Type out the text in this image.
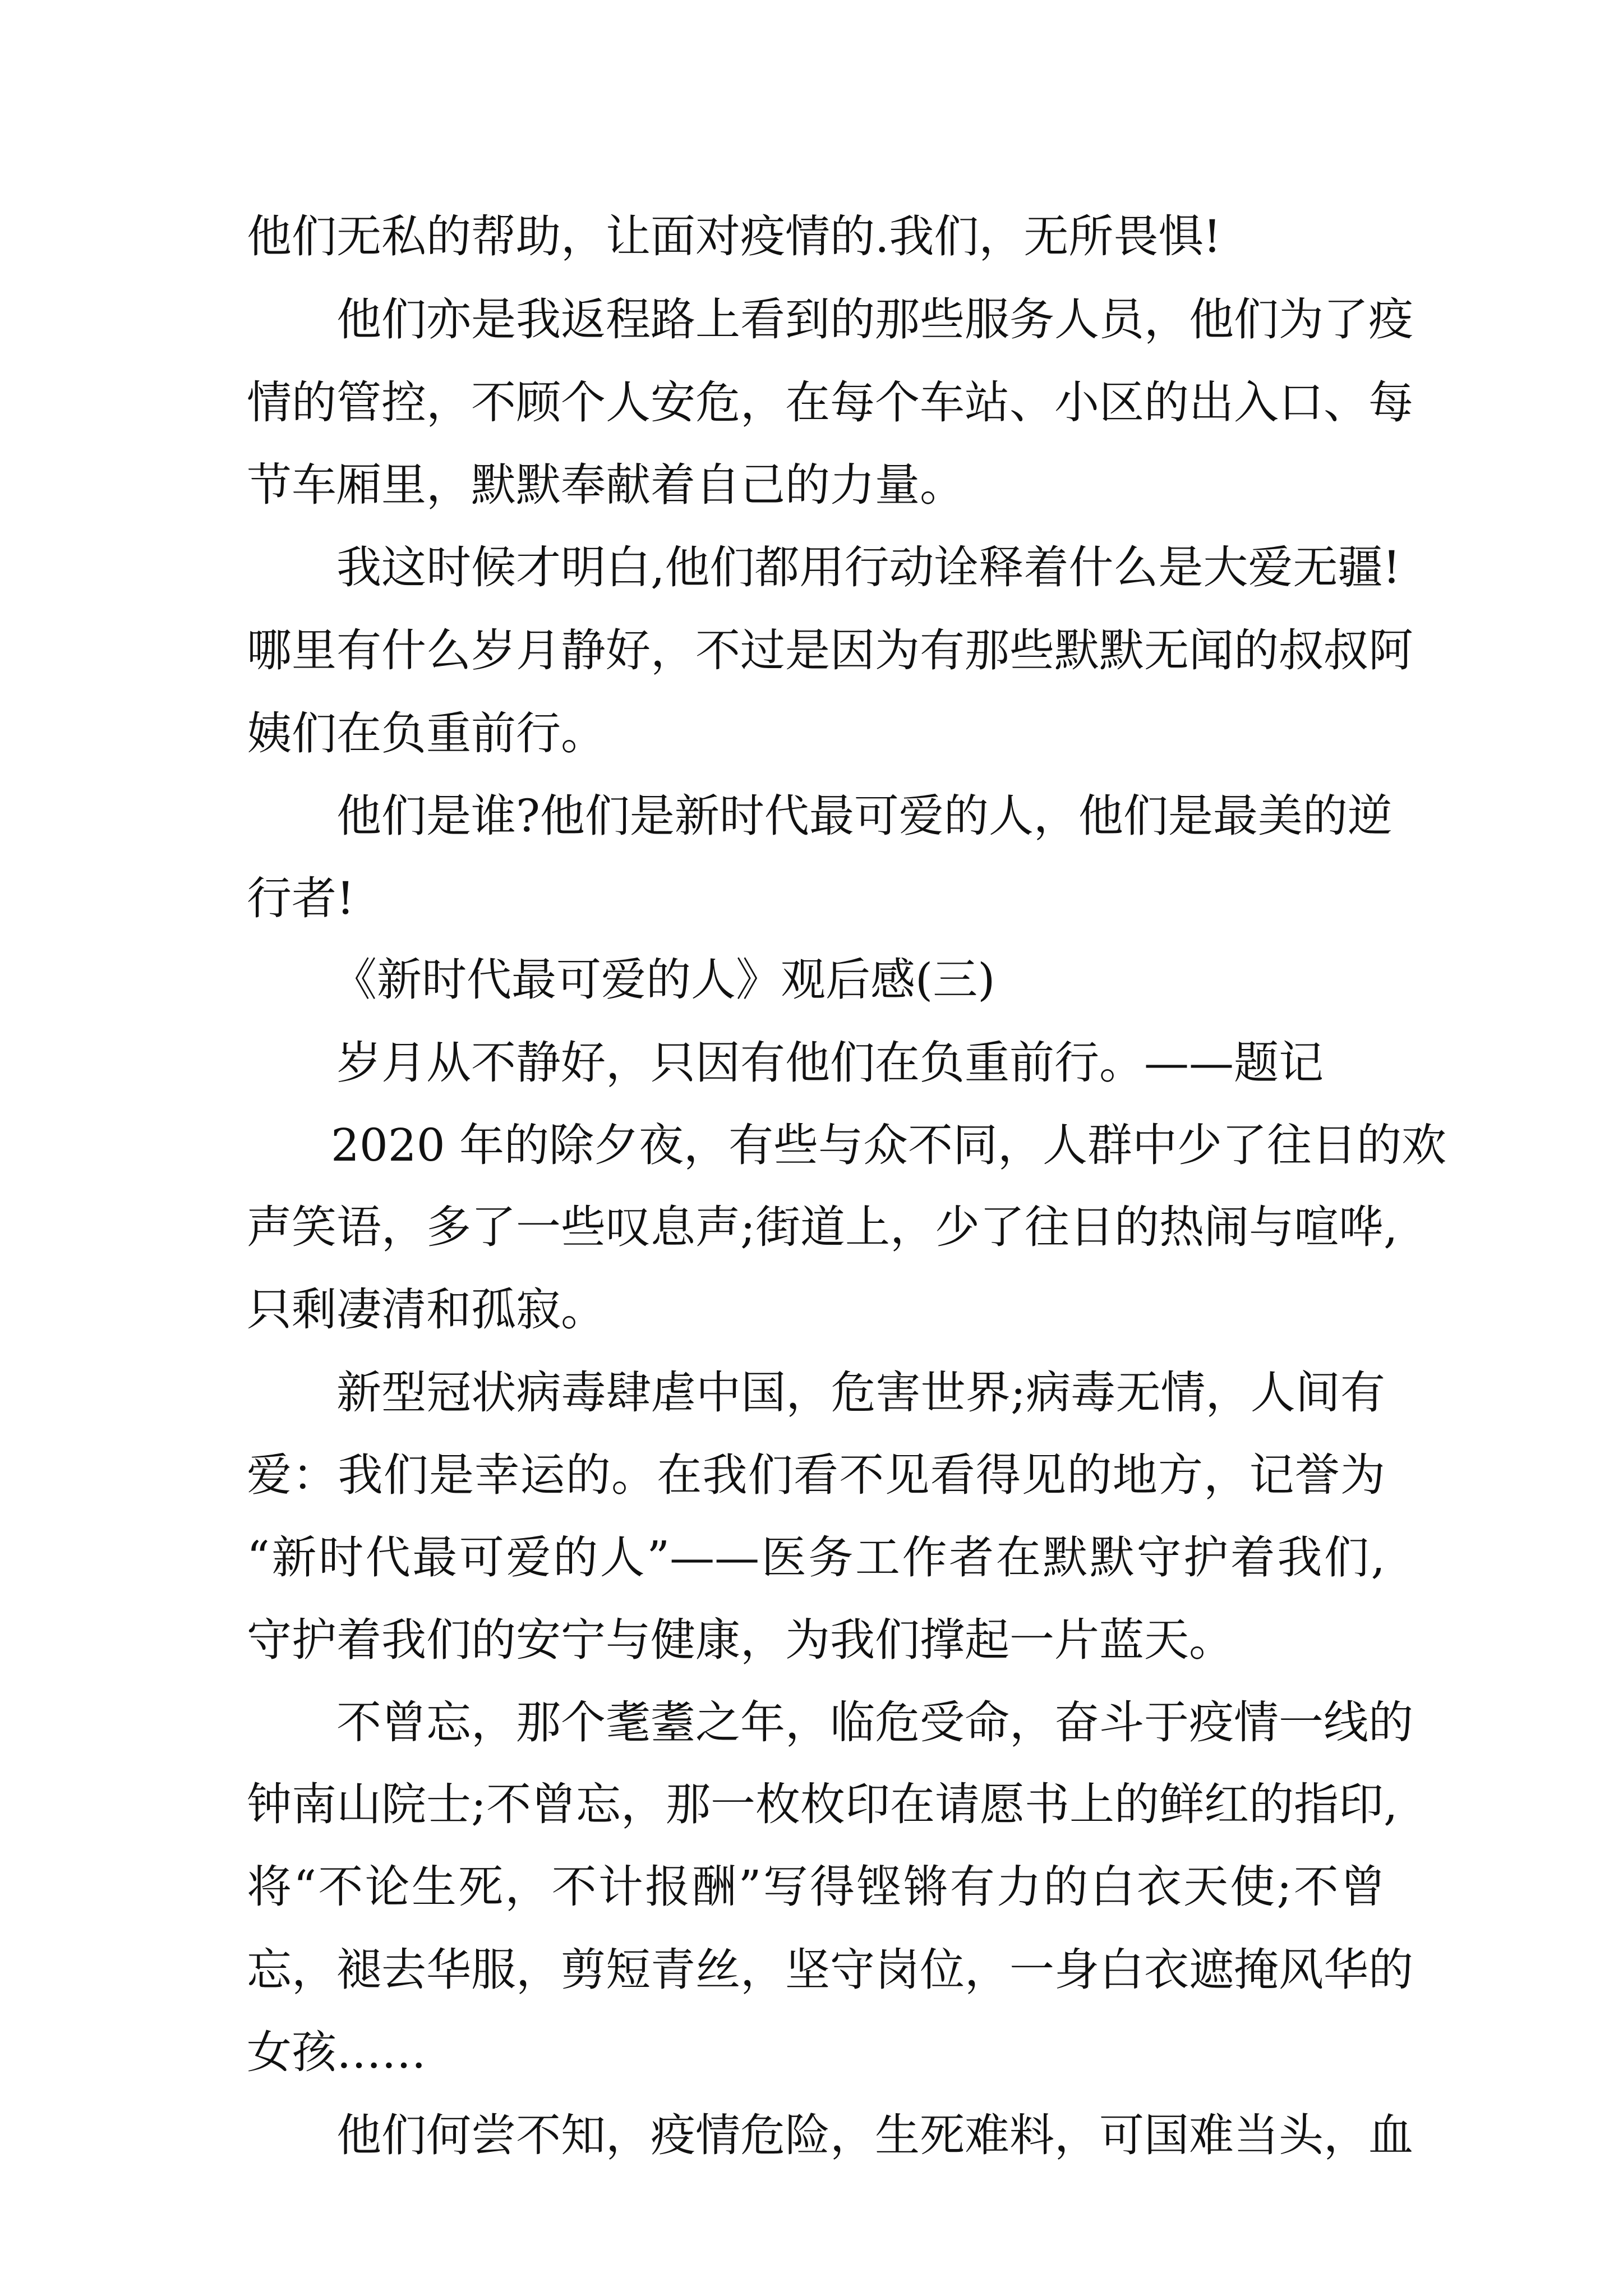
他们无私的帮助，让面对疫情的.我们，无所畏惧!
他们亦是我返程路上看到的那些服务人员，他们为了疫
情的管控，不顾个人安危，在每个车站、小区的出入口、每
节车厢里，默默奉献着自己的力量。
我这时候才明白,他们都用行动诠释着什么是大爱无疆!
哪里有什么岁月静好，不过是因为有那些默默无闻的叔叔阿
姨们在负重前行。
他们是谁?他们是新时代最可爱的人，他们是最美的逆
行者!
《新时代最可爱的人》观后感(三)
岁月从不静好，只因有他们在负重前行。——题记
2020 年的除夕夜，有些与众不同，人群中少了往日的欢
声笑语，多了一些叹息声;街道上，少了往日的热闹与喧哗,
只剩凄清和孤寂。
新型冠状病毒肆虐中国，危害世界;病毒无情，人间有
爱：我们是幸运的。在我们看不见看得见的地方，记誉为
“新时代最可爱的人”——医务工作者在默默守护着我们,
守护着我们的安宁与健康，为我们撑起一片蓝天。
不曾忘，那个耄耋之年，临危受命，奋斗于疫情一线的
钟南山院士;不曾忘，那一枚枚印在请愿书上的鲜红的指印,
将“不论生死，不计报酬”写得铿锵有力的白衣天使;不曾
忘，褪去华服，剪短青丝，坚守岗位，一身白衣遮掩风华的
女孩……
他们何尝不知，疫情危险，生死难料，可国难当头，血
